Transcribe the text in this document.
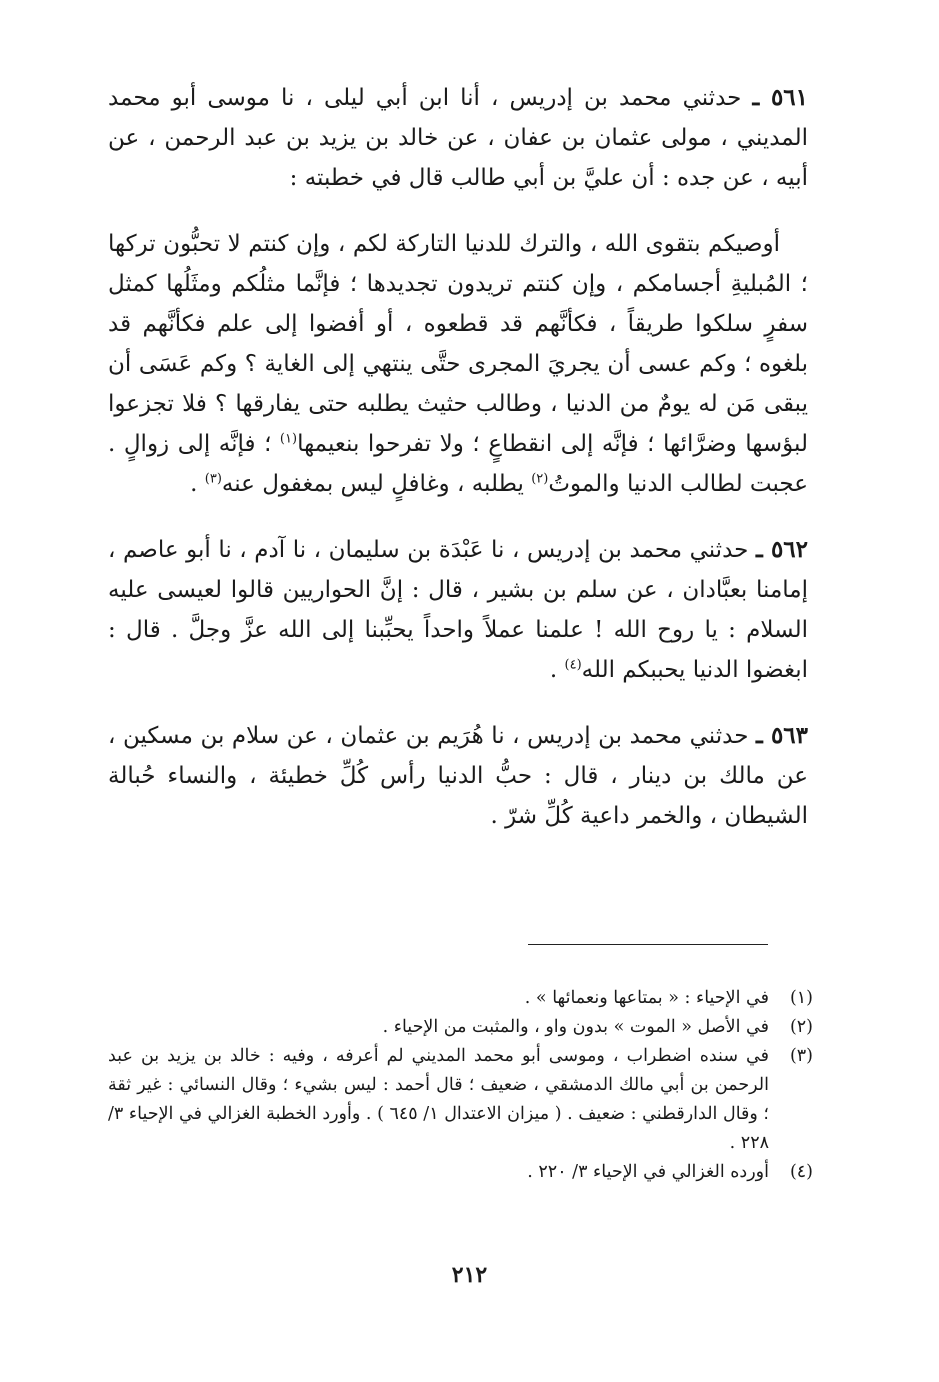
٥٦١ ـ حدثني محمد بن إدريس ، أنا ابن أبي ليلى ، نا موسى أبو محمد المديني ، مولى عثمان بن عفان ، عن خالد بن يزيد بن عبد الرحمن ، عن أبيه ، عن جده : أن عليَّ بن أبي طالب قال في خطبته :

أوصيكم بتقوى الله ، والترك للدنيا التاركة لكم ، وإن كنتم لا تحبُّون تركها ؛ المُبليةِ أجسامكم ، وإن كنتم تريدون تجديدها ؛ فإنَّما مثلُكم ومثَلُها كمثل سفرٍ سلكوا طريقاً ، فكأنَّهم قد قطعوه ، أو أفضوا إلى علم فكأنَّهم قد بلغوه ؛ وكم عسى أن يجريَ المجرى حتَّى ينتهي إلى الغاية ؟ وكم عَسَى أن يبقى مَن له يومٌ من الدنيا ، وطالب حثيث يطلبه حتى يفارقها ؟ فلا تجزعوا لبؤسها وضرَّائها ؛ فإنَّه إلى انقطاعٍ ؛ ولا تفرحوا بنعيمها$^{(١)}$ ؛ فإنَّه إلى زوالٍ . عجبت لطالب الدنيا والموتُ$^{(٢)}$ يطلبه ، وغافلٍ ليس بمغفول عنه$^{(٣)}$ .

٥٦٢ ـ حدثني محمد بن إدريس ، نا عَبْدَة بن سليمان ، نا آدم ، نا أبو عاصم ، إمامنا بعبَّادان ، عن سلم بن بشير ، قال : إنَّ الحواريين قالوا لعيسى عليه السلام : يا روح الله ! علمنا عملاً واحداً يحبِّبنا إلى الله عزَّ وجلَّ . قال : ابغضوا الدنيا يحببكم الله$^{(٤)}$ .

٥٦٣ ـ حدثني محمد بن إدريس ، نا هُرَيم بن عثمان ، عن سلام بن مسكين ، عن مالك بن دينار ، قال : حبُّ الدنيا رأس كُلِّ خطيئة ، والنساء حُبالة الشيطان ، والخمر داعية كُلِّ شرّ .

(١)
في الإحياء : « بمتاعها ونعمائها » .
(٢)
في الأصل « الموت » بدون واو ، والمثبت من الإحياء .
(٣)
في سنده اضطراب ، وموسى أبو محمد المديني لم أعرفه ، وفيه : خالد بن يزيد بن عبد الرحمن بن أبي مالك الدمشقي ، ضعيف ؛ قال أحمد : ليس بشيء ؛ وقال النسائي : غير ثقة ؛ وقال الدارقطني : ضعيف . ( ميزان الاعتدال ١/ ٦٤٥ ) . وأورد الخطبة الغزالي في الإحياء ٣/ ٢٢٨ .
(٤)
أورده الغزالي في الإحياء ٣/ ٢٢٠ .
٢١٢
